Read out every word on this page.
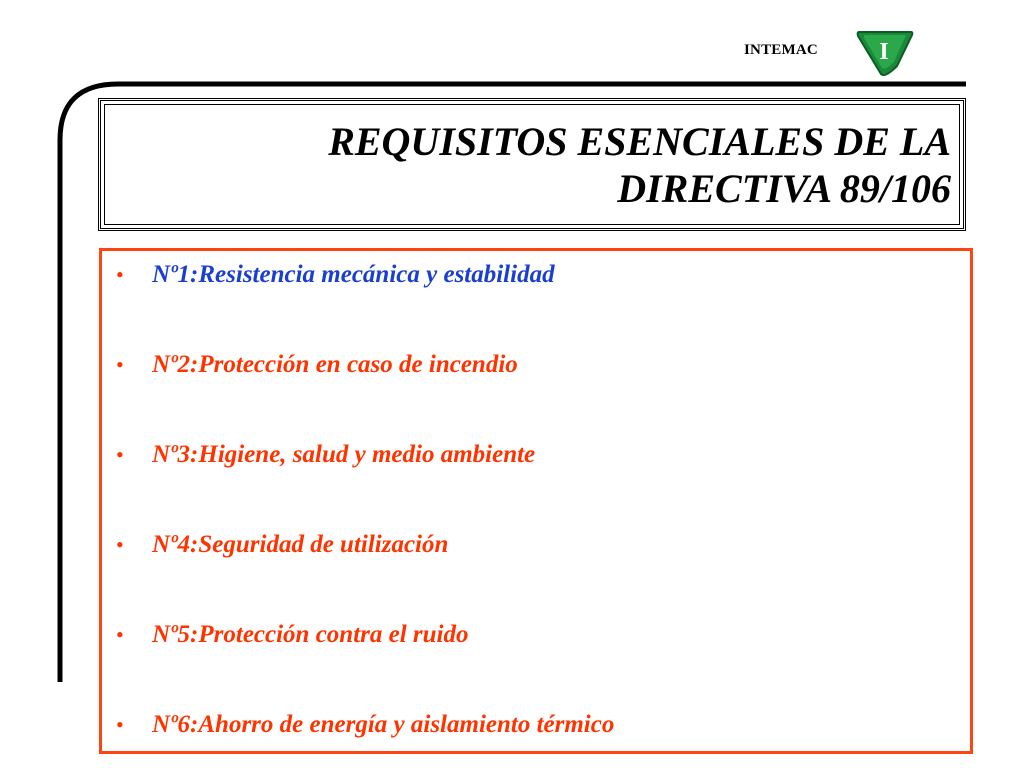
INTEMAC	I
REQUISITOS ESENCIALES DE LA
DIRECTIVA 89/106
•	Nº1:Resistencia mecánica y estabilidad
•	Nº2:Protección en caso de incendio
•	Nº3:Higiene, salud y medio ambiente
•	Nº4:Seguridad de utilización
•	Nº5:Protección contra el ruido
•	Nº6:Ahorro de energía y aislamiento térmico
